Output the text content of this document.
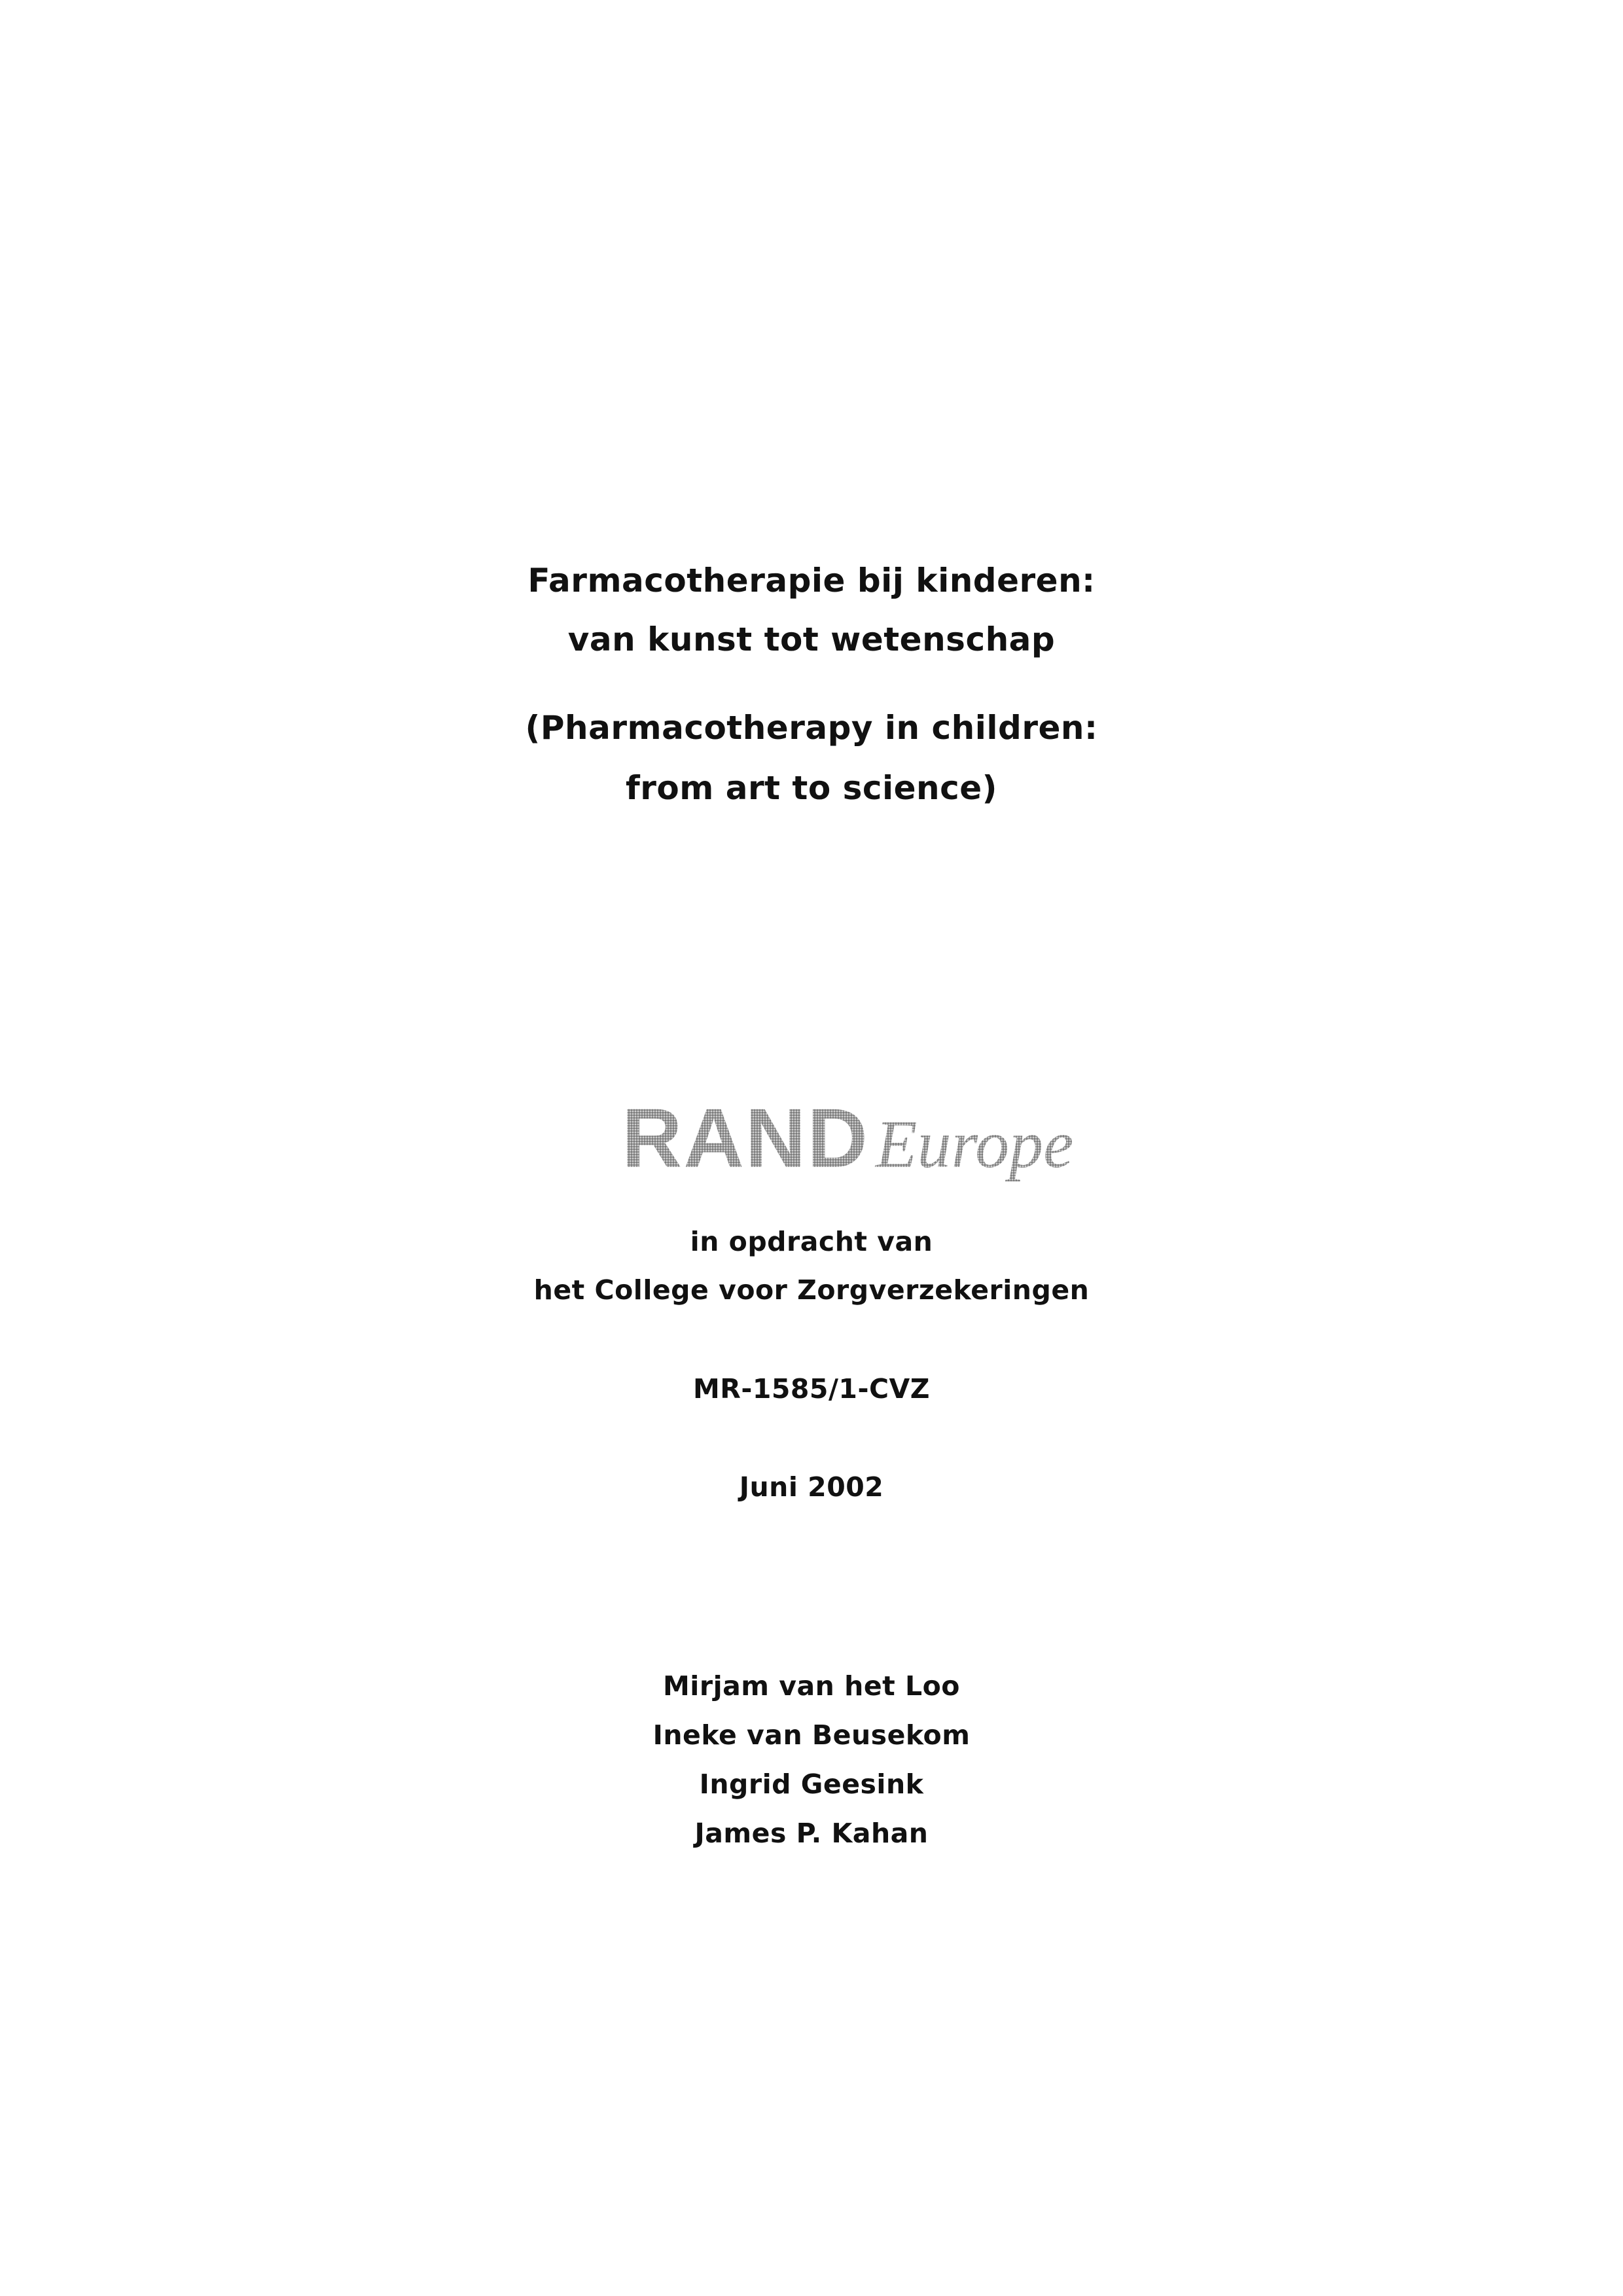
Farmacotherapie bij kinderen:
van kunst tot wetenschap
(Pharmacotherapy in children:
from art to science)
RAND Europe
in opdracht van
het College voor Zorgverzekeringen
MR-1585/1-CVZ
Juni 2002
Mirjam van het Loo
Ineke van Beusekom
Ingrid Geesink
James P. Kahan
